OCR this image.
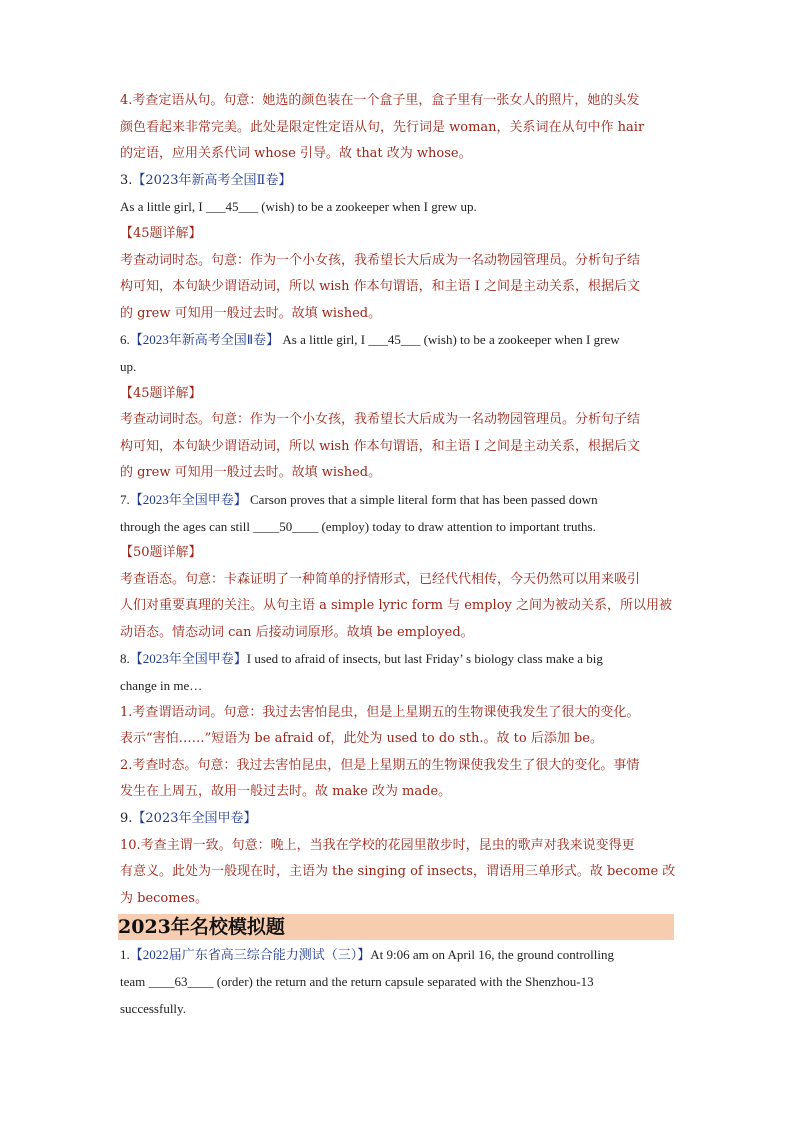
4.考查定语从句。句意：她选的颜色装在一个盒子里，盒子里有一张女人的照片，她的头发
颜色看起来非常完美。此处是限定性定语从句，先行词是 woman，关系词在从句中作 hair
的定语，应用关系代词 whose 引导。故 that 改为 whose。
3.【2023年新高考全国Ⅱ卷】
As a little girl, I ___45___ (wish) to be a zookeeper when I grew up.
【45题详解】
考查动词时态。句意：作为一个小女孩，我希望长大后成为一名动物园管理员。分析句子结
构可知，本句缺少谓语动词，所以 wish 作本句谓语，和主语 I 之间是主动关系，根据后文
的 grew 可知用一般过去时。故填 wished。
6.【2023年新高考全国Ⅱ卷】 As a little girl, I ___45___ (wish) to be a zookeeper when I grew
up.
【45题详解】
考查动词时态。句意：作为一个小女孩，我希望长大后成为一名动物园管理员。分析句子结
构可知，本句缺少谓语动词，所以 wish 作本句谓语，和主语 I 之间是主动关系，根据后文
的 grew 可知用一般过去时。故填 wished。
7.【2023年全国甲卷】 Carson proves that a simple literal form that has been passed down
through the ages can still ____50____ (employ) today to draw attention to important truths.
【50题详解】
考查语态。句意：卡森证明了一种简单的抒情形式，已经代代相传，今天仍然可以用来吸引
人们对重要真理的关注。从句主语 a simple lyric form 与 employ 之间为被动关系，所以用被
动语态。情态动词 can 后接动词原形。故填 be employed。
8.【2023年全国甲卷】I used to afraid of insects, but last Friday’ s biology class make a big
change in me…
1.考查谓语动词。句意：我过去害怕昆虫，但是上星期五的生物课使我发生了很大的变化。
表示“害怕……”短语为 be afraid of，此处为 used to do sth.。故 to 后添加 be。
2.考查时态。句意：我过去害怕昆虫，但是上星期五的生物课使我发生了很大的变化。事情
发生在上周五，故用一般过去时。故 make 改为 made。
9.【2023年全国甲卷】
10.考查主谓一致。句意：晚上，当我在学校的花园里散步时，昆虫的歌声对我来说变得更
有意义。此处为一般现在时，主语为 the singing of insects，谓语用三单形式。故 become 改
为 becomes。
2023年名校模拟题
1.【2022届广东省高三综合能力测试（三）】At 9:06 am on April 16, the ground controlling
team ____63____ (order) the return and the return capsule separated with the Shenzhou-13
successfully.
